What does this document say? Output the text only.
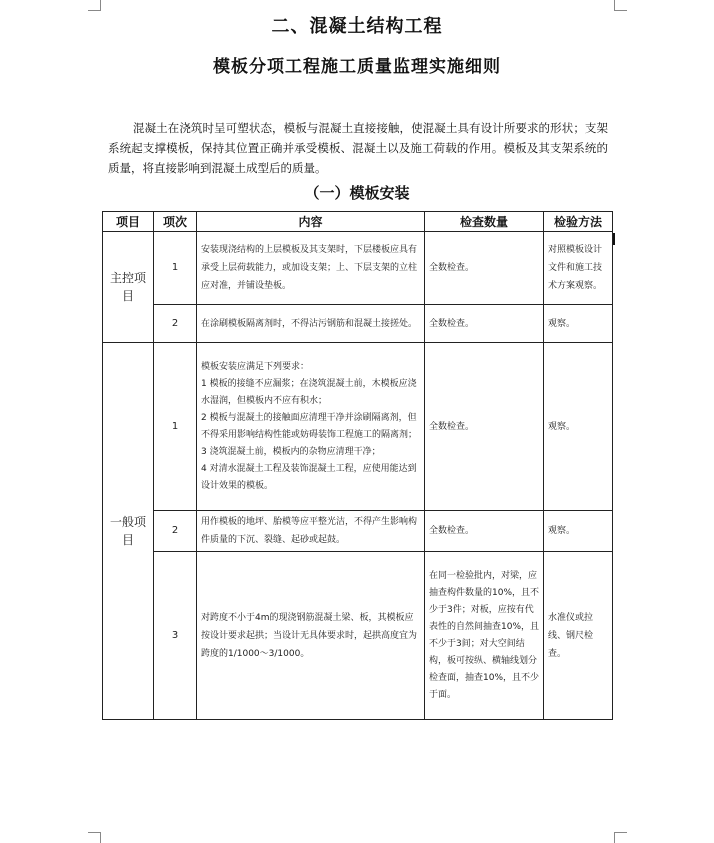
二、混凝土结构工程
模板分项工程施工质量监理实施细则
混凝土在浇筑时呈可塑状态，模板与混凝土直接接触，使混凝土具有设计所要求的形状；支架系统起支撑模板，保持其位置正确并承受模板、混凝土以及施工荷载的作用。模板及其支架系统的质量，将直接影响到混凝土成型后的质量。
（一）模板安装
项目	项次	内容	检查数量	检验方法
主控项目	1	安装现浇结构的上层模板及其支架时，下层楼板应具有承受上层荷载能力，或加设支架；上、下层支架的立柱应对准，并铺设垫板。	全数检查。	对照模板设计文件和施工技术方案观察。
	2	在涂刷模板隔离剂时，不得沾污钢筋和混凝土接搓处。	全数检查。	观察。
一般项目	1	模板安装应满足下列要求：
1 模板的接缝不应漏浆；在浇筑混凝土前，木模板应浇水湿润，但模板内不应有积水；
2 模板与混凝土的接触面应清理干净并涂刷隔离剂，但不得采用影响结构性能或妨碍装饰工程施工的隔离剂；
3 浇筑混凝土前，模板内的杂物应清理干净；
4 对清水混凝土工程及装饰混凝土工程，应使用能达到设计效果的模板。	全数检查。	观察。
	2	用作模板的地坪、胎模等应平整光洁，不得产生影响构件质量的下沉、裂缝、起砂或起鼓。	全数检查。	观察。
	3	对跨度不小于4m的现浇钢筋混凝土梁、板，其模板应按设计要求起拱；当设计无具体要求时，起拱高度宜为跨度的1/1000～3/1000。	在同一检验批内，对梁，应抽查构件数量的10%，且不少于3件；对板，应按有代表性的自然间抽查10%，且不少于3间；对大空间结构，板可按纵、横轴线划分检查面，抽查10%，且不少于面。	水准仪或拉线、钢尺检查。
